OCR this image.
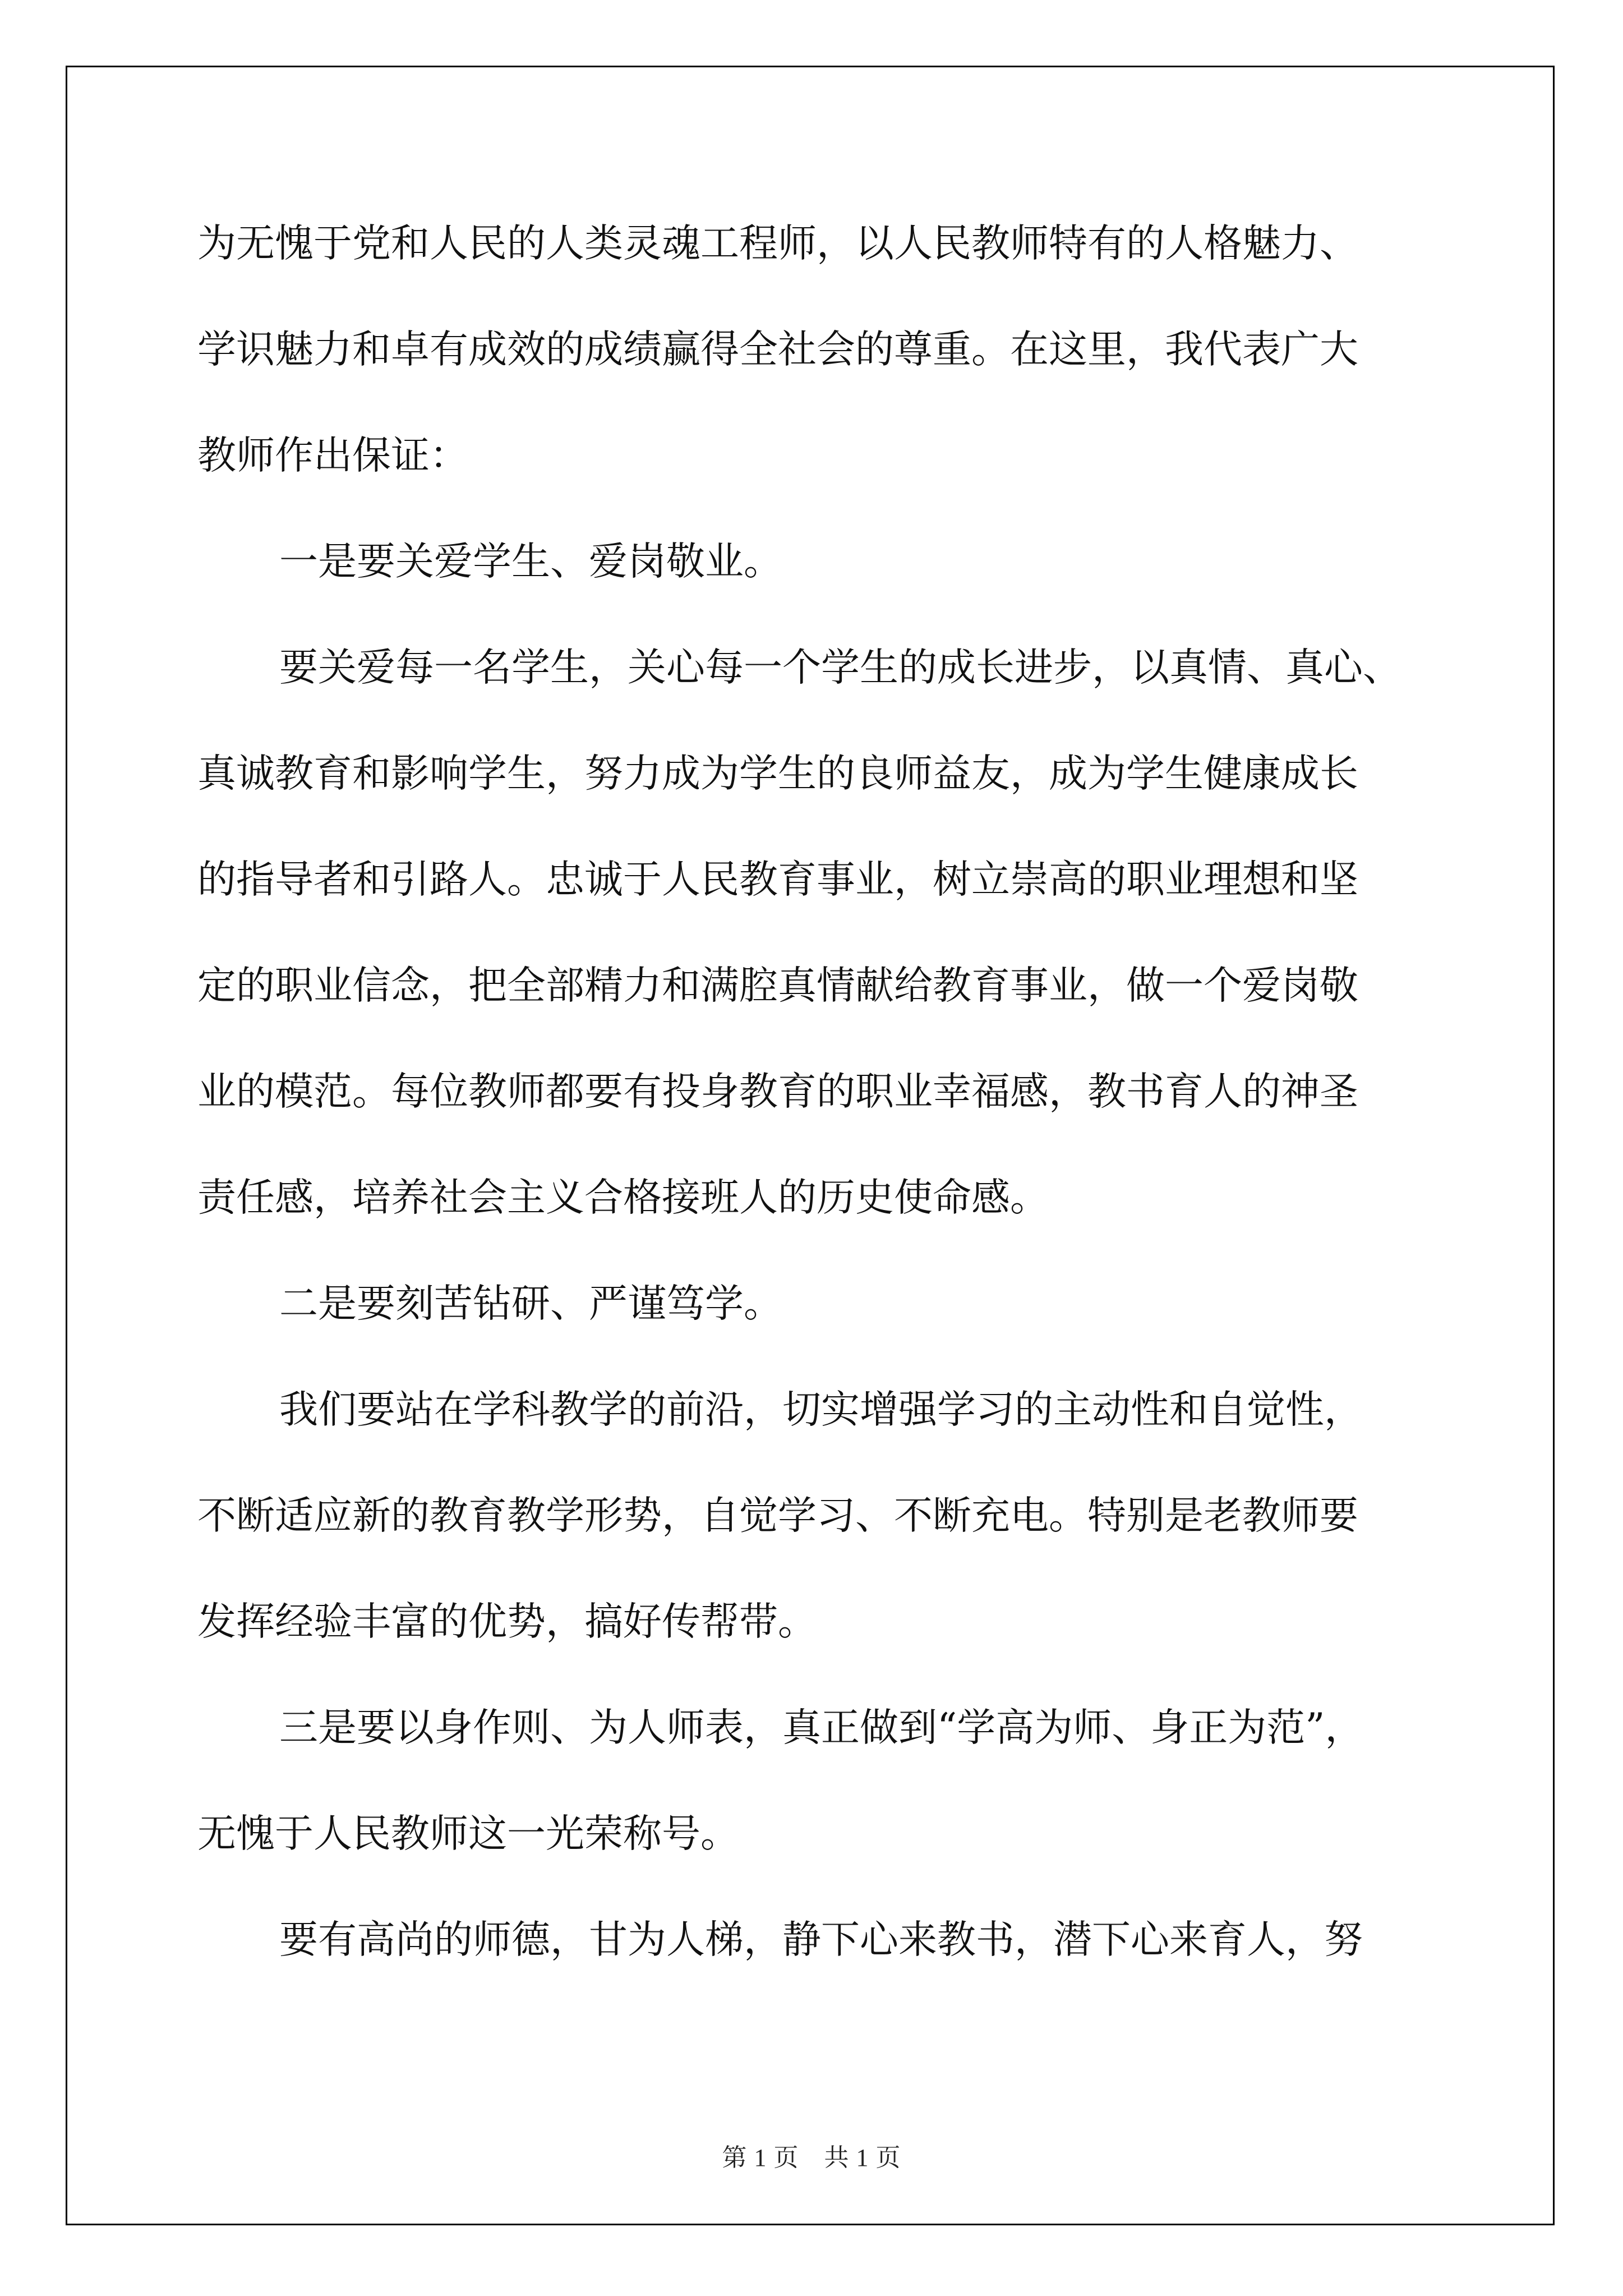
为无愧于党和人民的人类灵魂工程师，以人民教师特有的人格魅力、

学识魅力和卓有成效的成绩赢得全社会的尊重。在这里，我代表广大

教师作出保证：

一是要关爱学生、爱岗敬业。

要关爱每一名学生，关心每一个学生的成长进步，以真情、真心、

真诚教育和影响学生，努力成为学生的良师益友，成为学生健康成长

的指导者和引路人。忠诚于人民教育事业，树立崇高的职业理想和坚

定的职业信念，把全部精力和满腔真情献给教育事业，做一个爱岗敬

业的模范。每位教师都要有投身教育的职业幸福感，教书育人的神圣

责任感，培养社会主义合格接班人的历史使命感。

二是要刻苦钻研、严谨笃学。

我们要站在学科教学的前沿，切实增强学习的主动性和自觉性，

不断适应新的教育教学形势，自觉学习、不断充电。特别是老教师要

发挥经验丰富的优势，搞好传帮带。

三是要以身作则、为人师表，真正做到“学高为师、身正为范”，

无愧于人民教师这一光荣称号。

要有高尚的师德，甘为人梯，静下心来教书，潜下心来育人，努

第 1 页　共 1 页
